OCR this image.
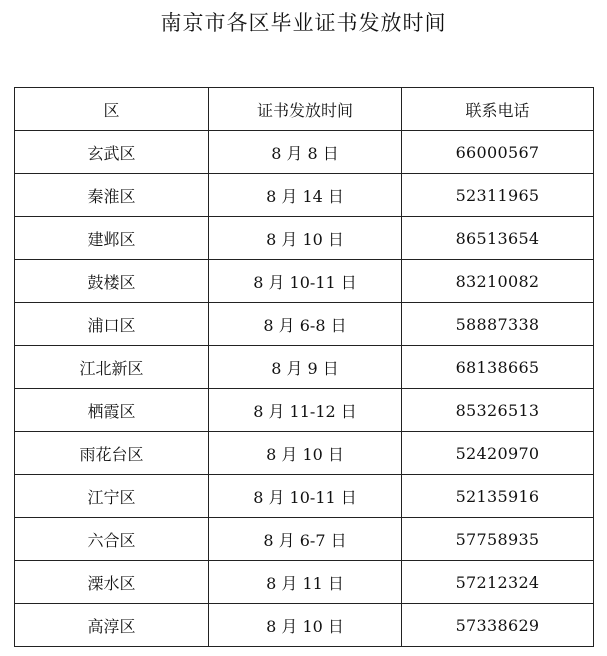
南京市各区毕业证书发放时间
区	证书发放时间	联系电话
玄武区	8 月 8 日	66000567
秦淮区	8 月 14 日	52311965
建邺区	8 月 10 日	86513654
鼓楼区	8 月 10-11 日	83210082
浦口区	8 月 6-8 日	58887338
江北新区	8 月 9 日	68138665
栖霞区	8 月 11-12 日	85326513
雨花台区	8 月 10 日	52420970
江宁区	8 月 10-11 日	52135916
六合区	8 月 6-7 日	57758935
溧水区	8 月 11 日	57212324
高淳区	8 月 10 日	57338629
